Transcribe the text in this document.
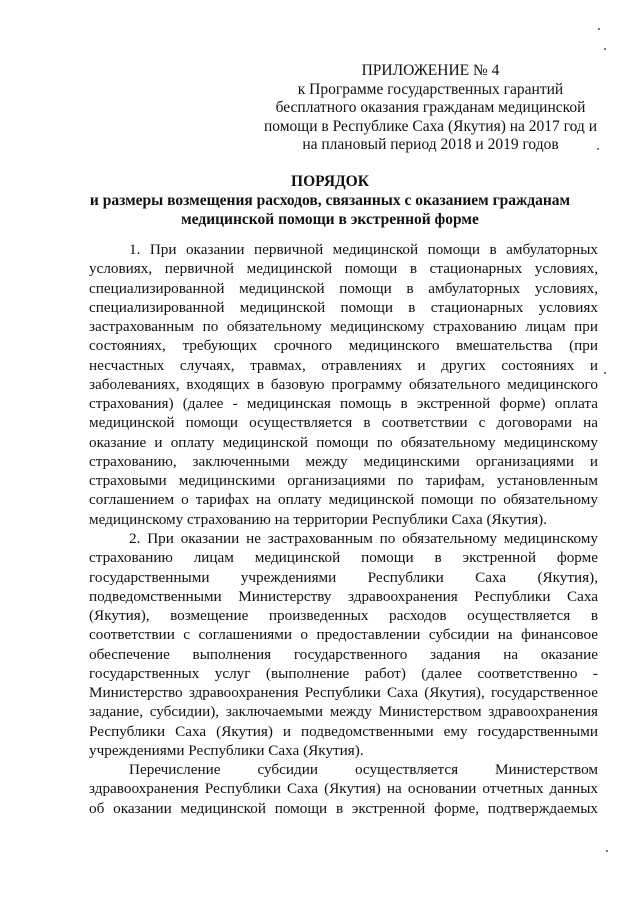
ПРИЛОЖЕНИЕ № 4
к Программе государственных гарантий
бесплатного оказания гражданам медицинской
помощи в Республике Саха (Якутия) на 2017 год и
на плановый период 2018 и 2019 годов
ПОРЯДОК
и размеры возмещения расходов, связанных с оказанием гражданам
медицинской помощи в экстренной форме
1. При оказании первичной медицинской помощи в амбулаторных
условиях, первичной медицинской помощи в стационарных условиях,
специализированной медицинской помощи в амбулаторных условиях,
специализированной медицинской помощи в стационарных условиях
застрахованным по обязательному медицинскому страхованию лицам при
состояниях, требующих срочного медицинского вмешательства (при
несчастных случаях, травмах, отравлениях и других состояниях и
заболеваниях, входящих в базовую программу обязательного медицинского
страхования) (далее - медицинская помощь в экстренной форме) оплата
медицинской помощи осуществляется в соответствии с договорами на
оказание и оплату медицинской помощи по обязательному медицинскому
страхованию, заключенными между медицинскими организациями и
страховыми медицинскими организациями по тарифам, установленным
соглашением о тарифах на оплату медицинской помощи по обязательному
медицинскому страхованию на территории Республики Саха (Якутия).
2. При оказании не застрахованным по обязательному медицинскому
страхованию лицам медицинской помощи в экстренной форме
государственными учреждениями Республики Саха (Якутия),
подведомственными Министерству здравоохранения Республики Саха
(Якутия), возмещение произведенных расходов осуществляется в
соответствии с соглашениями о предоставлении субсидии на финансовое
обеспечение выполнения государственного задания на оказание
государственных услуг (выполнение работ) (далее соответственно -
Министерство здравоохранения Республики Саха (Якутия), государственное
задание, субсидии), заключаемыми между Министерством здравоохранения
Республики Саха (Якутия) и подведомственными ему государственными
учреждениями Республики Саха (Якутия).
Перечисление субсидии осуществляется Министерством
здравоохранения Республики Саха (Якутия) на основании отчетных данных
об оказании медицинской помощи в экстренной форме, подтверждаемых
